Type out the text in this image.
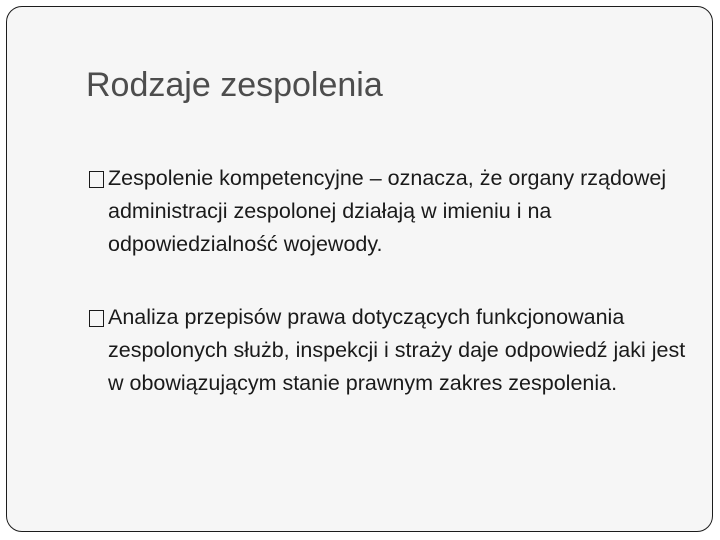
Rodzaje zespolenia
Zespolenie kompetencyjne – oznacza, że organy rządowej administracji zespolonej działają w imieniu i na odpowiedzialność wojewody.
Analiza przepisów prawa dotyczących funkcjonowania zespolonych służb, inspekcji i straży daje odpowiedź jaki jest w obowiązującym stanie prawnym zakres zespolenia.
